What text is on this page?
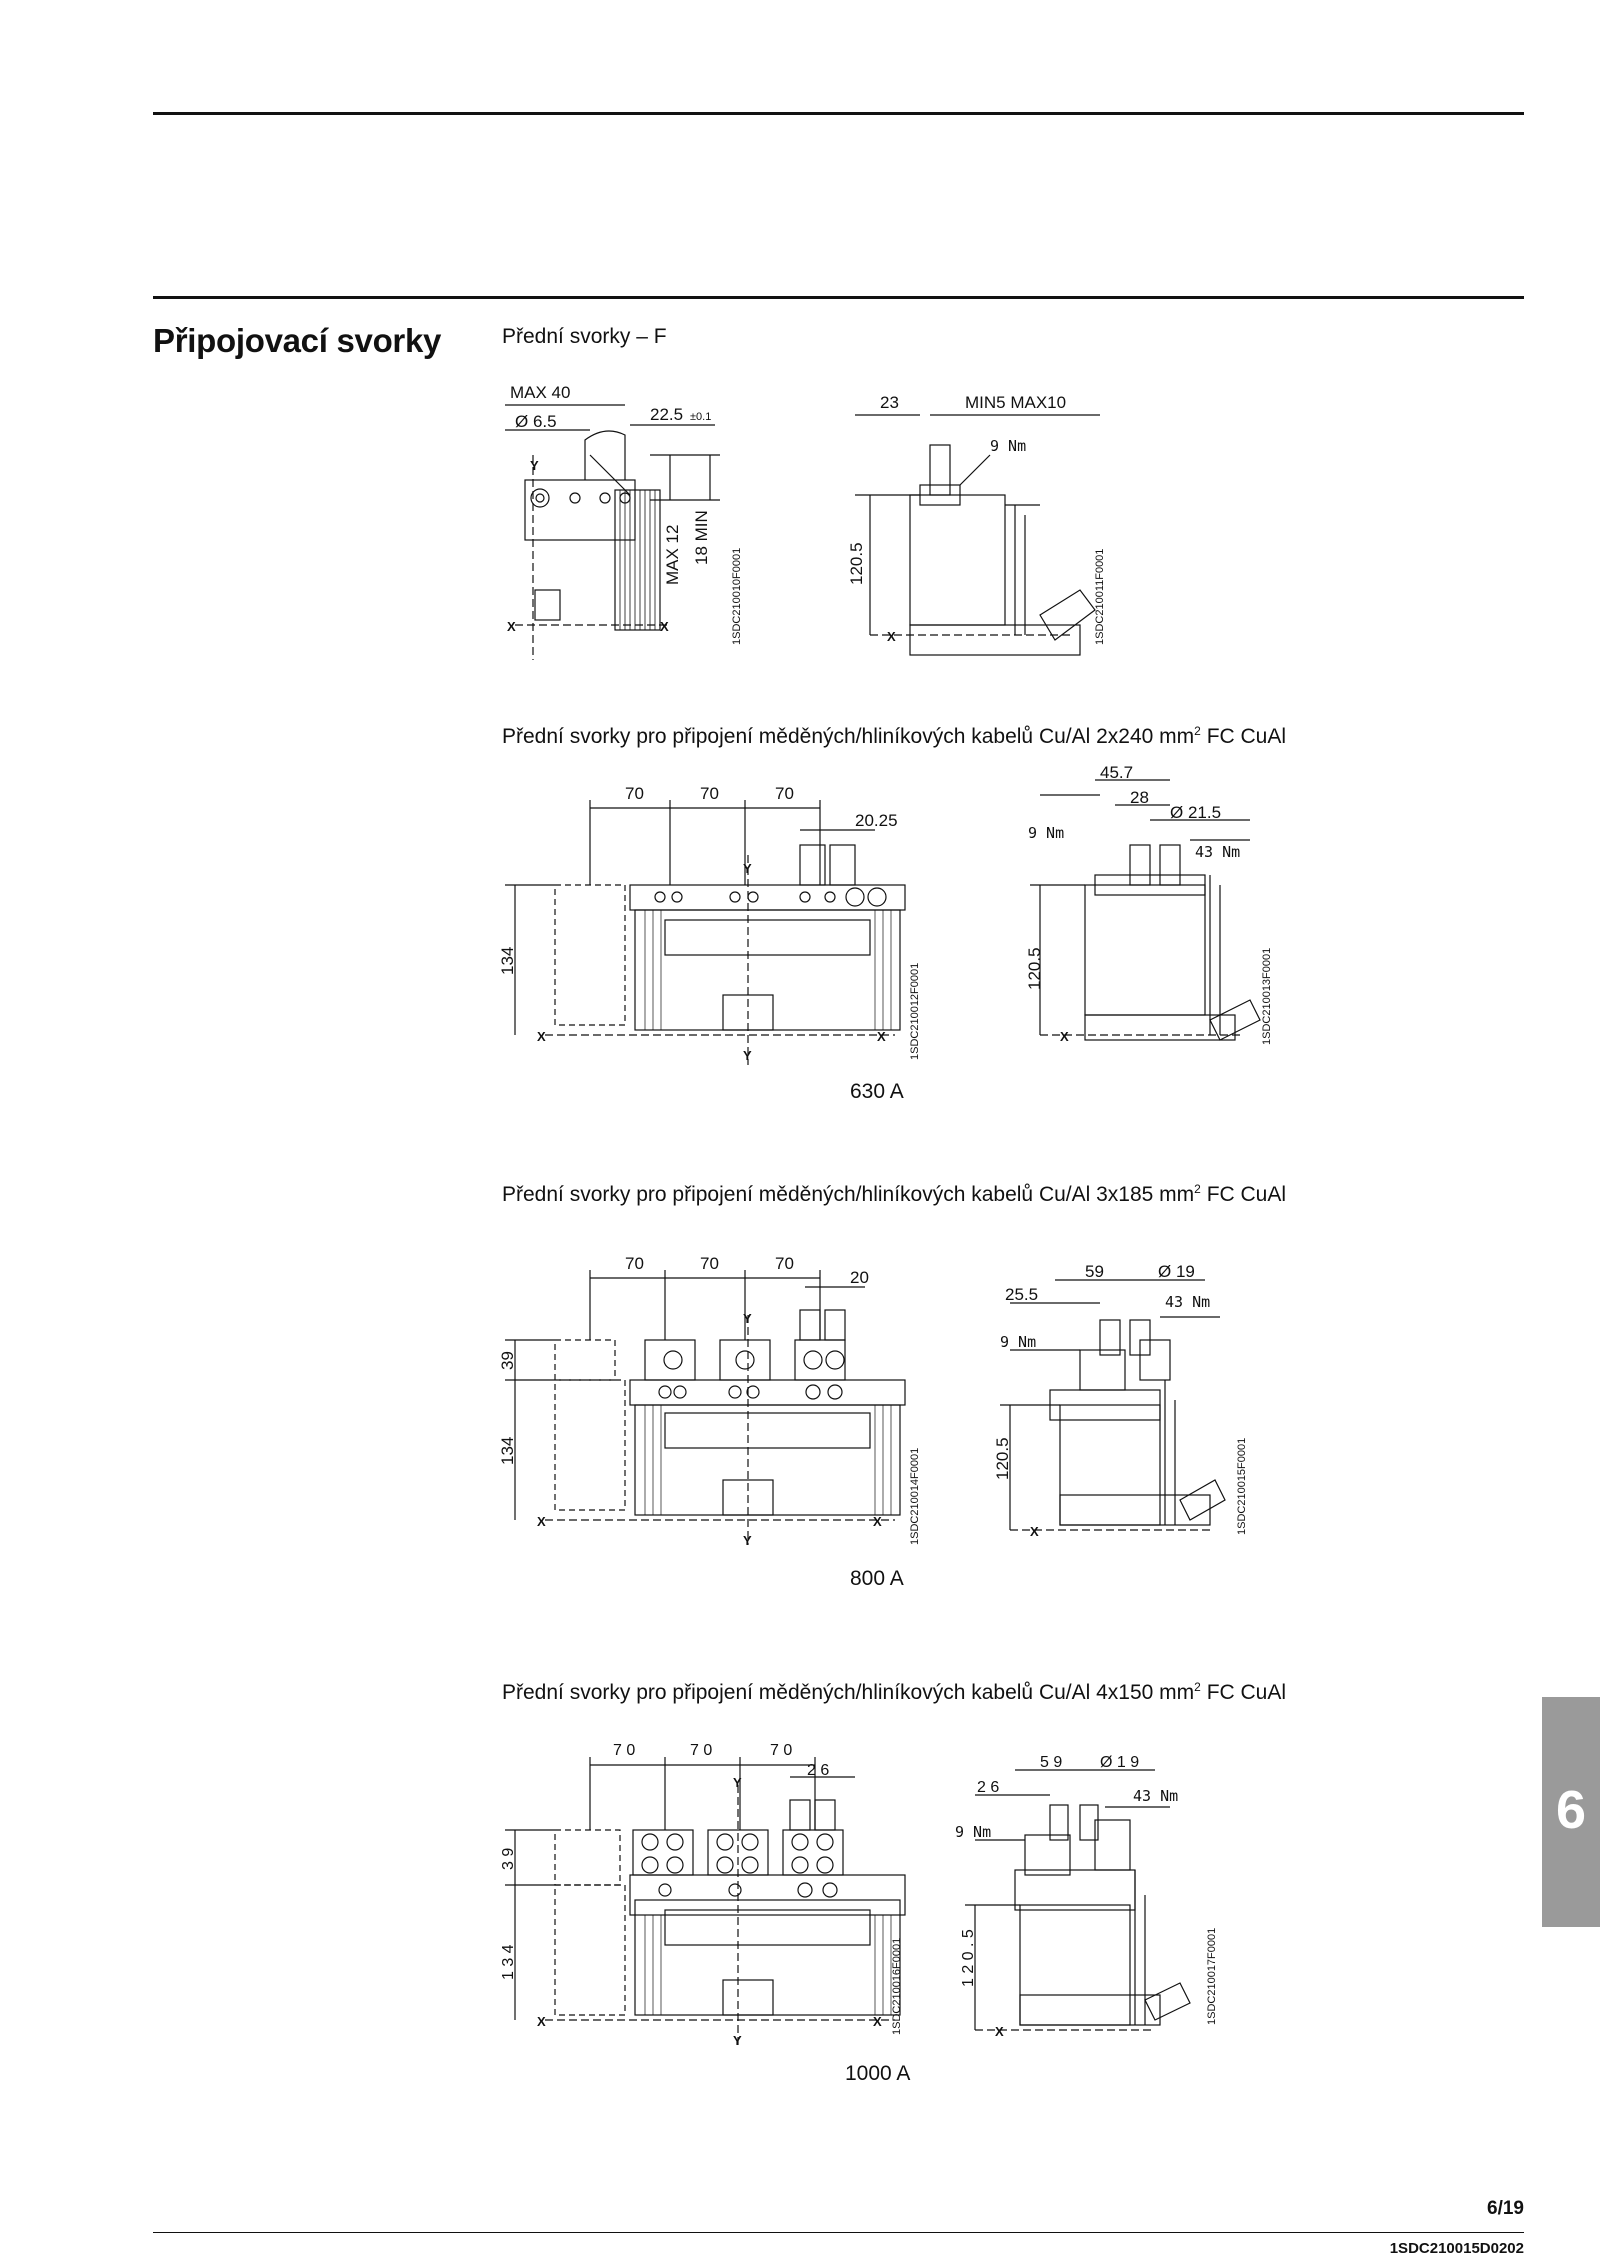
Připojovací svorky	Přední svorky – F
MAX 40
Ø 6.5	22.5 ±0.1
MAX 12 18 MIN
Y
X	X	1SDC210010F0001
23	MIN5 MAX10
9 Nm
120.5
X	1SDC210011F0001
Přední svorky pro připojení měděných/hliníkových kabelů Cu/Al 2x240 $mm^2$ FC CuAl
70	70	70
20.25
134
Y
X	X
Y	1SDC210012F0001
45.7
28
Ø 21.5
9 Nm
43 Nm
120.5
X	1SDC210013F0001
630 A
Přední svorky pro připojení měděných/hliníkových kabelů Cu/Al 3x185 $mm^2$ FC CuAl
70	70	70
20
39
134
Y
X	X
Y	1SDC210014F0001
59	Ø 19
25.5	43 Nm
9 Nm
120.5
X	1SDC210015F0001
800 A
Přední svorky pro připojení měděných/hliníkových kabelů Cu/Al 4x150 $mm^2$ FC CuAl
7 0	7 0	7 0
2 6
3 9
1 3 4
Y
X	X
Y
1SDC210016F0001
5 9 Ø 1 9
2 6	43 Nm
9 Nm
1 2 0 . 5
X
1SDC210017F0001
1000 A
6
6/19
1SDC210015D0202
